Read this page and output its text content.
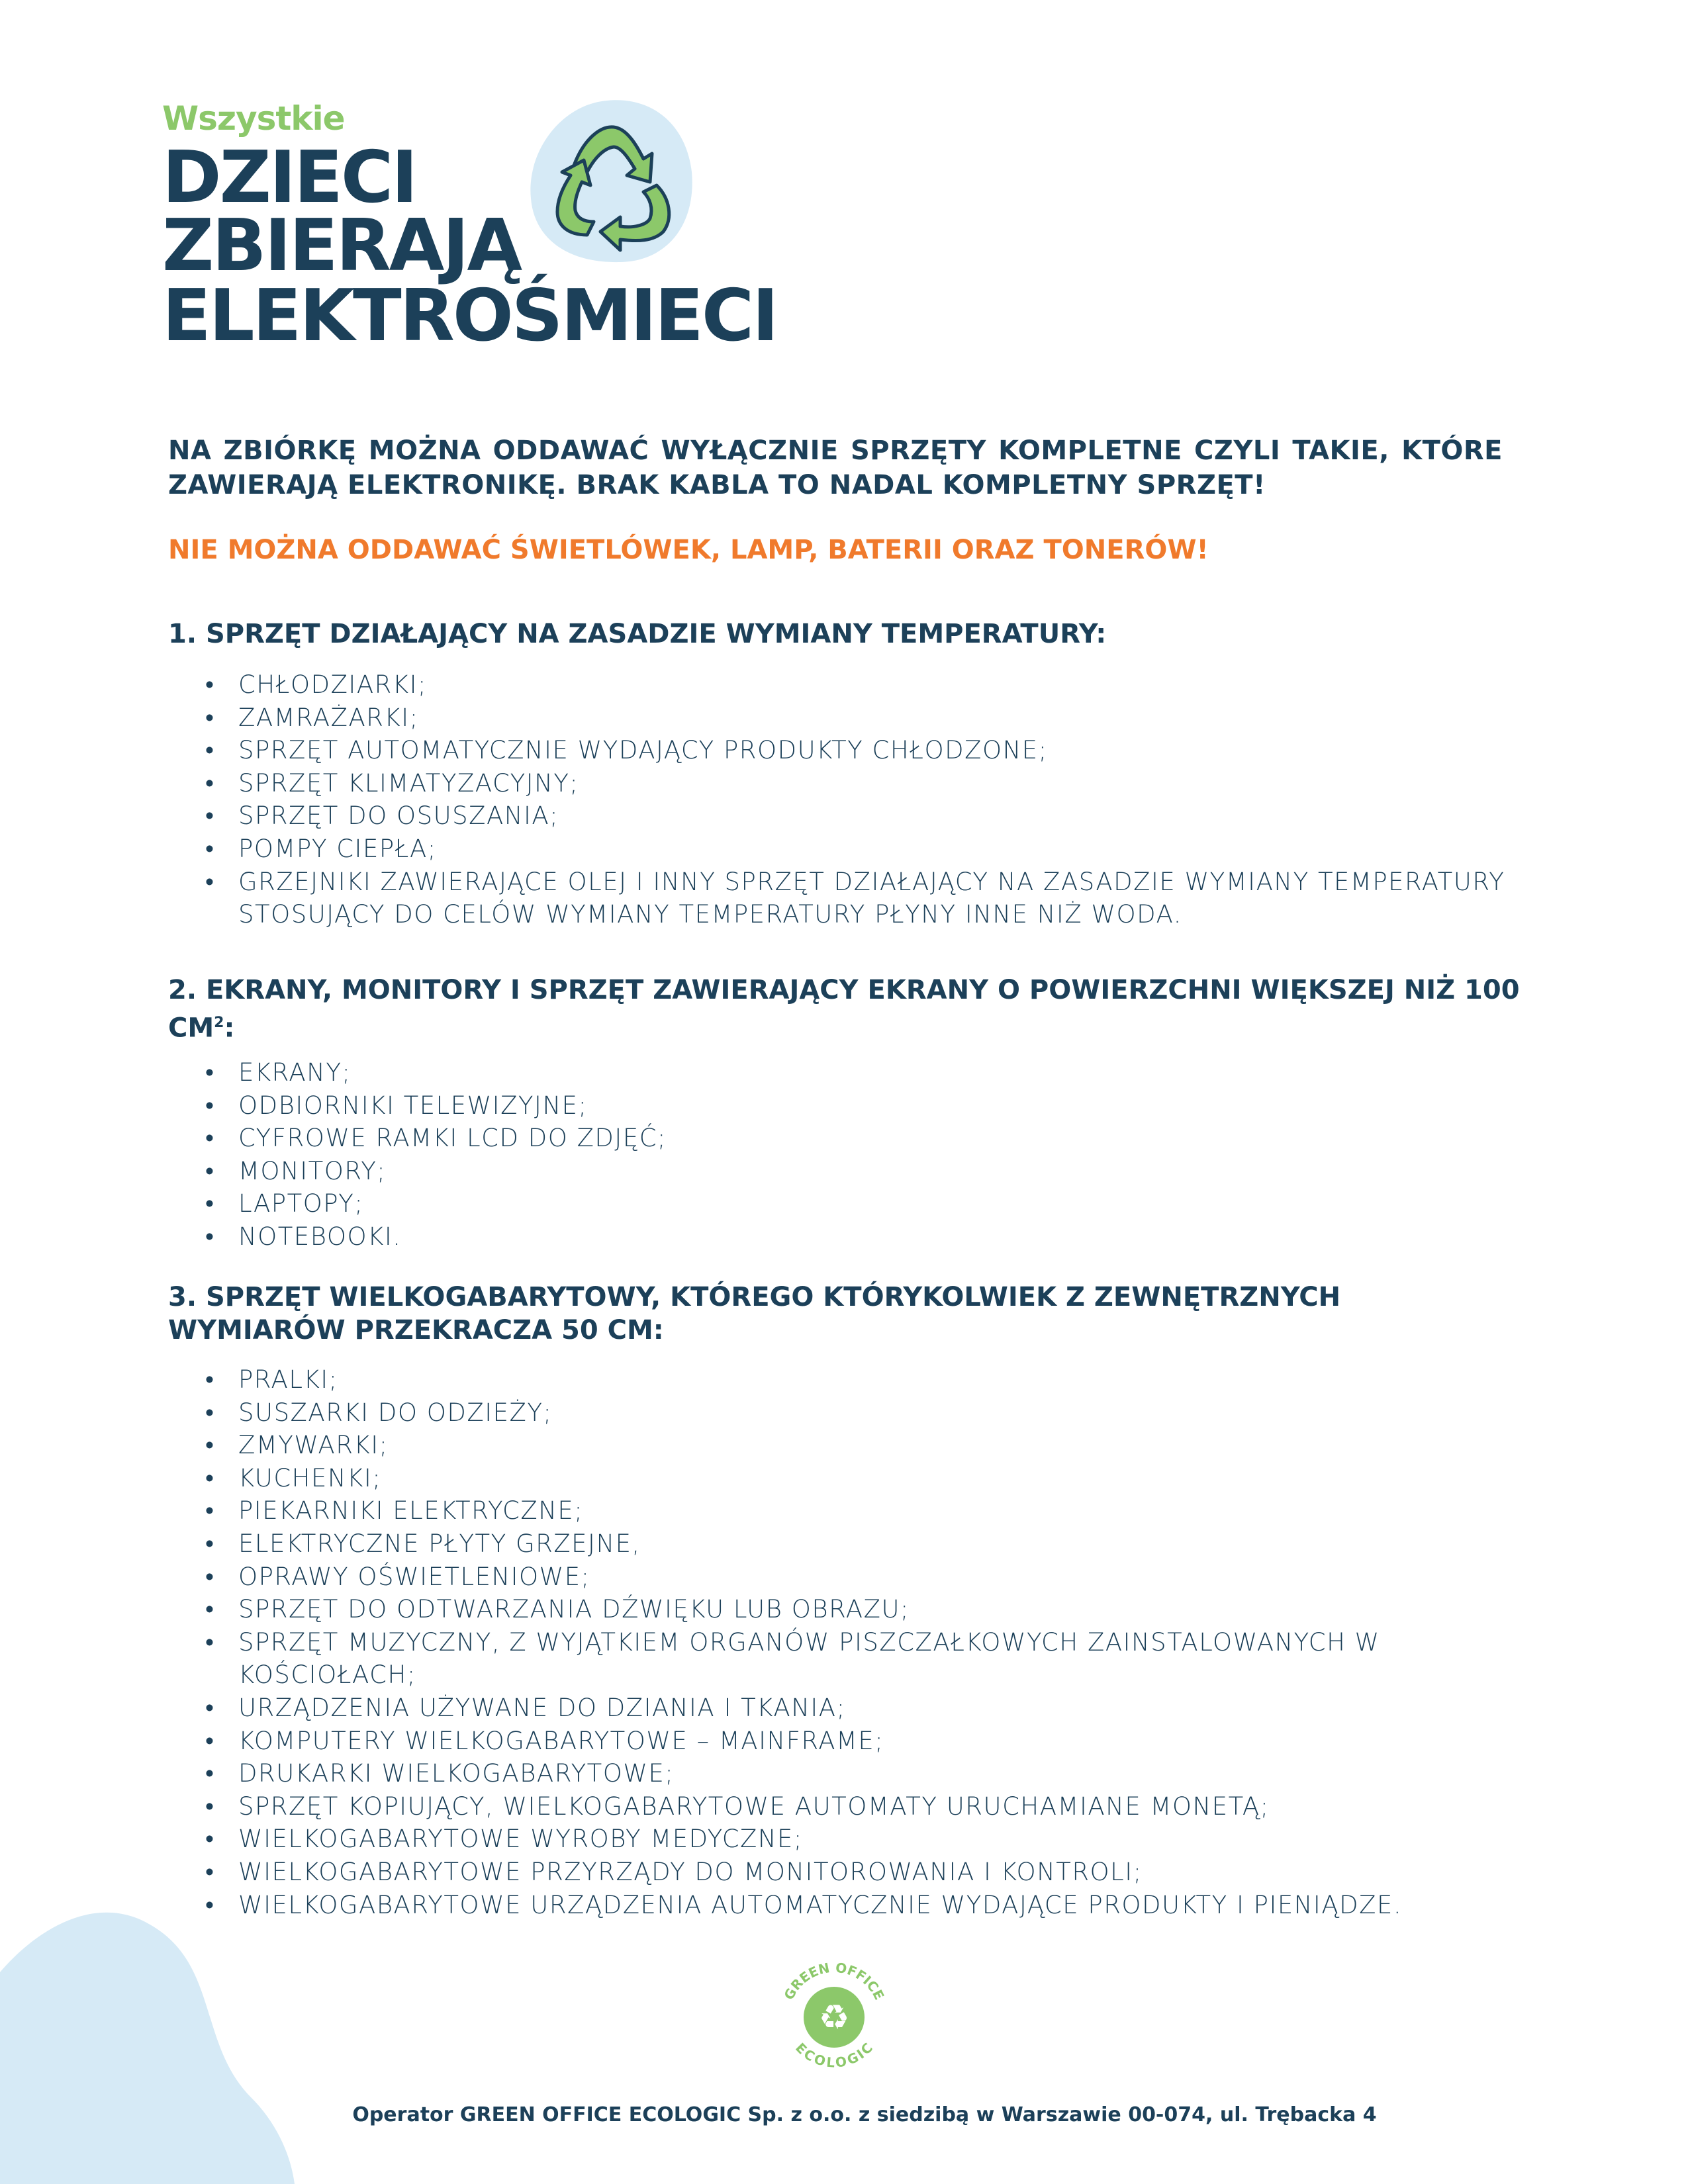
Wszystkie
DZIECI
ZBIERAJĄ
ELEKTROŚMIECI
NA ZBIÓRKĘ MOŻNA ODDAWAĆ WYŁĄCZNIE SPRZĘTY KOMPLETNE CZYLI TAKIE, KTÓRE ZAWIERAJĄ ELEKTRONIKĘ. BRAK KABLA TO NADAL KOMPLETNY SPRZĘT!
NIE MOŻNA ODDAWAĆ ŚWIETLÓWEK, LAMP, BATERII ORAZ TONERÓW!
1. SPRZĘT DZIAŁAJĄCY NA ZASADZIE WYMIANY TEMPERATURY:
• CHŁODZIARKI;
• ZAMRAŻARKI;
• SPRZĘT AUTOMATYCZNIE WYDAJĄCY PRODUKTY CHŁODZONE;
• SPRZĘT KLIMATYZACYJNY;
• SPRZĘT DO OSUSZANIA;
• POMPY CIEPŁA;
• GRZEJNIKI ZAWIERAJĄCE OLEJ I INNY SPRZĘT DZIAŁAJĄCY NA ZASADZIE WYMIANY TEMPERATURY STOSUJĄCY DO CELÓW WYMIANY TEMPERATURY PŁYNY INNE NIŻ WODA.
2. EKRANY, MONITORY I SPRZĘT ZAWIERAJĄCY EKRANY O POWIERZCHNI WIĘKSZEJ NIŻ 100 $CM^2$:
• EKRANY;
• ODBIORNIKI TELEWIZYJNE;
• CYFROWE RAMKI LCD DO ZDJĘĆ;
• MONITORY;
• LAPTOPY;
• NOTEBOOKI.
3. SPRZĘT WIELKOGABARYTOWY, KTÓREGO KTÓRYKOLWIEK Z ZEWNĘTRZNYCH WYMIARÓW PRZEKRACZA 50 CM:
• PRALKI;
• SUSZARKI DO ODZIEŻY;
• ZMYWARKI;
• KUCHENKI;
• PIEKARNIKI ELEKTRYCZNE;
• ELEKTRYCZNE PŁYTY GRZEJNE,
• OPRAWY OŚWIETLENIOWE;
• SPRZĘT DO ODTWARZANIA DŹWIĘKU LUB OBRAZU;
• SPRZĘT MUZYCZNY, Z WYJĄTKIEM ORGANÓW PISZCZAŁKOWYCH ZAINSTALOWANYCH W KOŚCIOŁACH;
• URZĄDZENIA UŻYWANE DO DZIANIA I TKANIA;
• KOMPUTERY WIELKOGABARYTOWE – MAINFRAME;
• DRUKARKI WIELKOGABARYTOWE;
• SPRZĘT KOPIUJĄCY, WIELKOGABARYTOWE AUTOMATY URUCHAMIANE MONETĄ;
• WIELKOGABARYTOWE WYROBY MEDYCZNE;
• WIELKOGABARYTOWE PRZYRZĄDY DO MONITOROWANIA I KONTROLI;
• WIELKOGABARYTOWE URZĄDZENIA AUTOMATYCZNIE WYDAJĄCE PRODUKTY I PIENIĄDZE.
GREEN OFFICE
ECOLOGIC
♻
Operator GREEN OFFICE ECOLOGIC Sp. z o.o. z siedzibą w Warszawie 00-074, ul. Trębacka 4
